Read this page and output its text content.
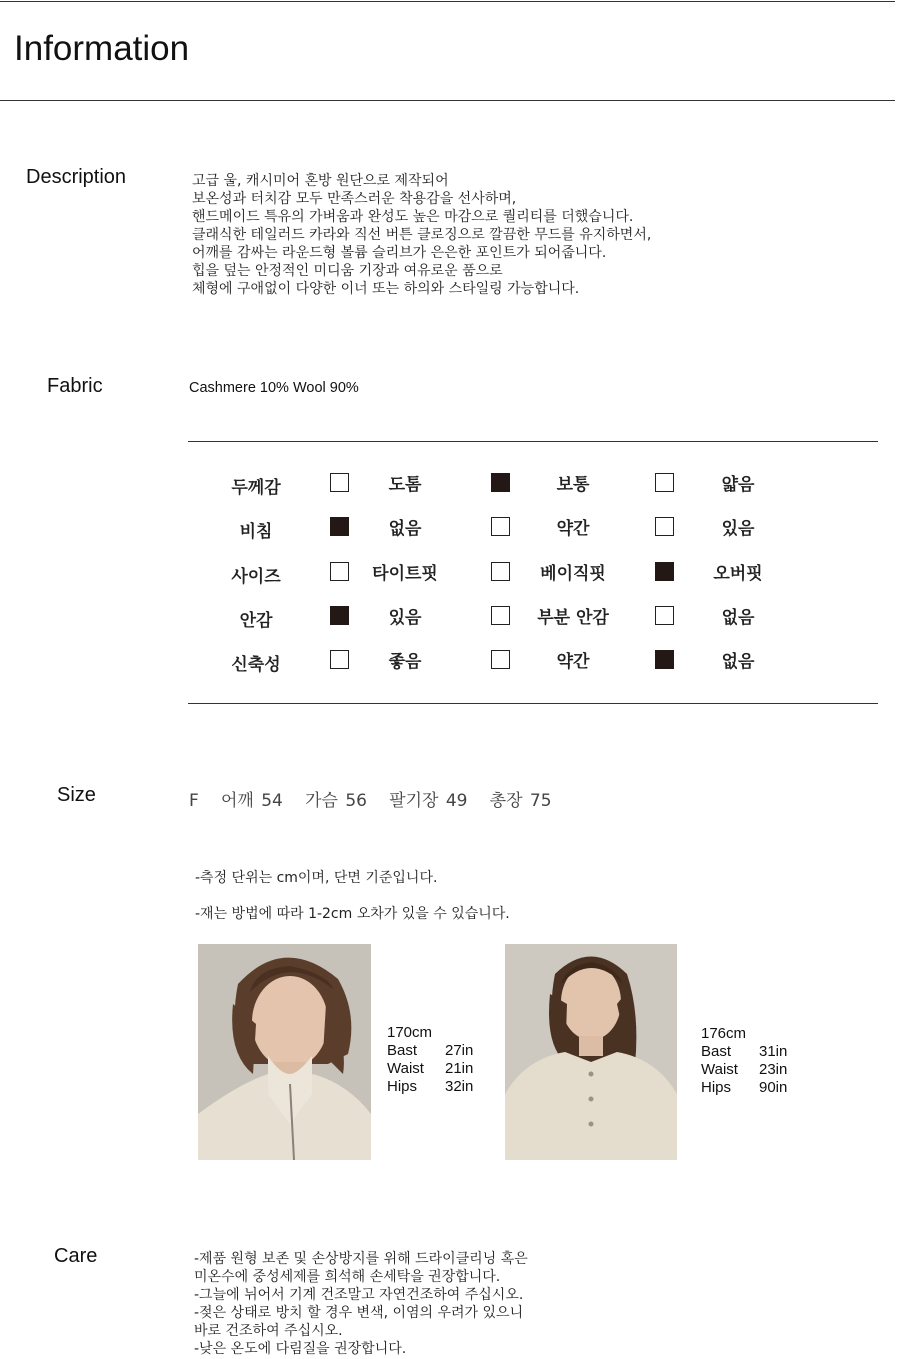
Information
Description	고급 울, 캐시미어 혼방 원단으로 제작되어
보온성과 터치감 모두 만족스러운 착용감을 선사하며,
핸드메이드 특유의 가벼움과 완성도 높은 마감으로 퀄리티를 더했습니다.
클래식한 테일러드 카라와 직선 버튼 클로징으로 깔끔한 무드를 유지하면서,
어깨를 감싸는 라운드형 볼륨 슬리브가 은은한 포인트가 되어줍니다.
힙을 덮는 안정적인 미디움 기장과 여유로운 품으로
체형에 구애없이 다양한 이너 또는 하의와 스타일링 가능합니다.
Fabric	Cashmere 10% Wool 90%
두께감	도톰	보통	얇음
비침	없음	약간	있음
사이즈	타이트핏	베이직핏	오버핏
안감	있음	부분 안감	없음
신축성	좋음	약간	없음
Size	F   어깨 54   가슴 56   팔기장 49   총장 75

-측정 단위는 cm이며, 단면 기준입니다.

-재는 방법에 따라 1-2cm 오차가 있을 수 있습니다.

170cm
Bast	27in
Waist	21in
Hips	32in
176cm
Bast	31in
Waist	23in
Hips	90in
Care	-제품 원형 보존 및 손상방지를 위해 드라이클리닝 혹은
미온수에 중성세제를 희석해 손세탁을 권장합니다.
-그늘에 뉘어서 기계 건조말고 자연건조하여 주십시오.
-젖은 상태로 방치 할 경우 변색, 이염의 우려가 있으니
바로 건조하여 주십시오.
-낮은 온도에 다림질을 권장합니다.
